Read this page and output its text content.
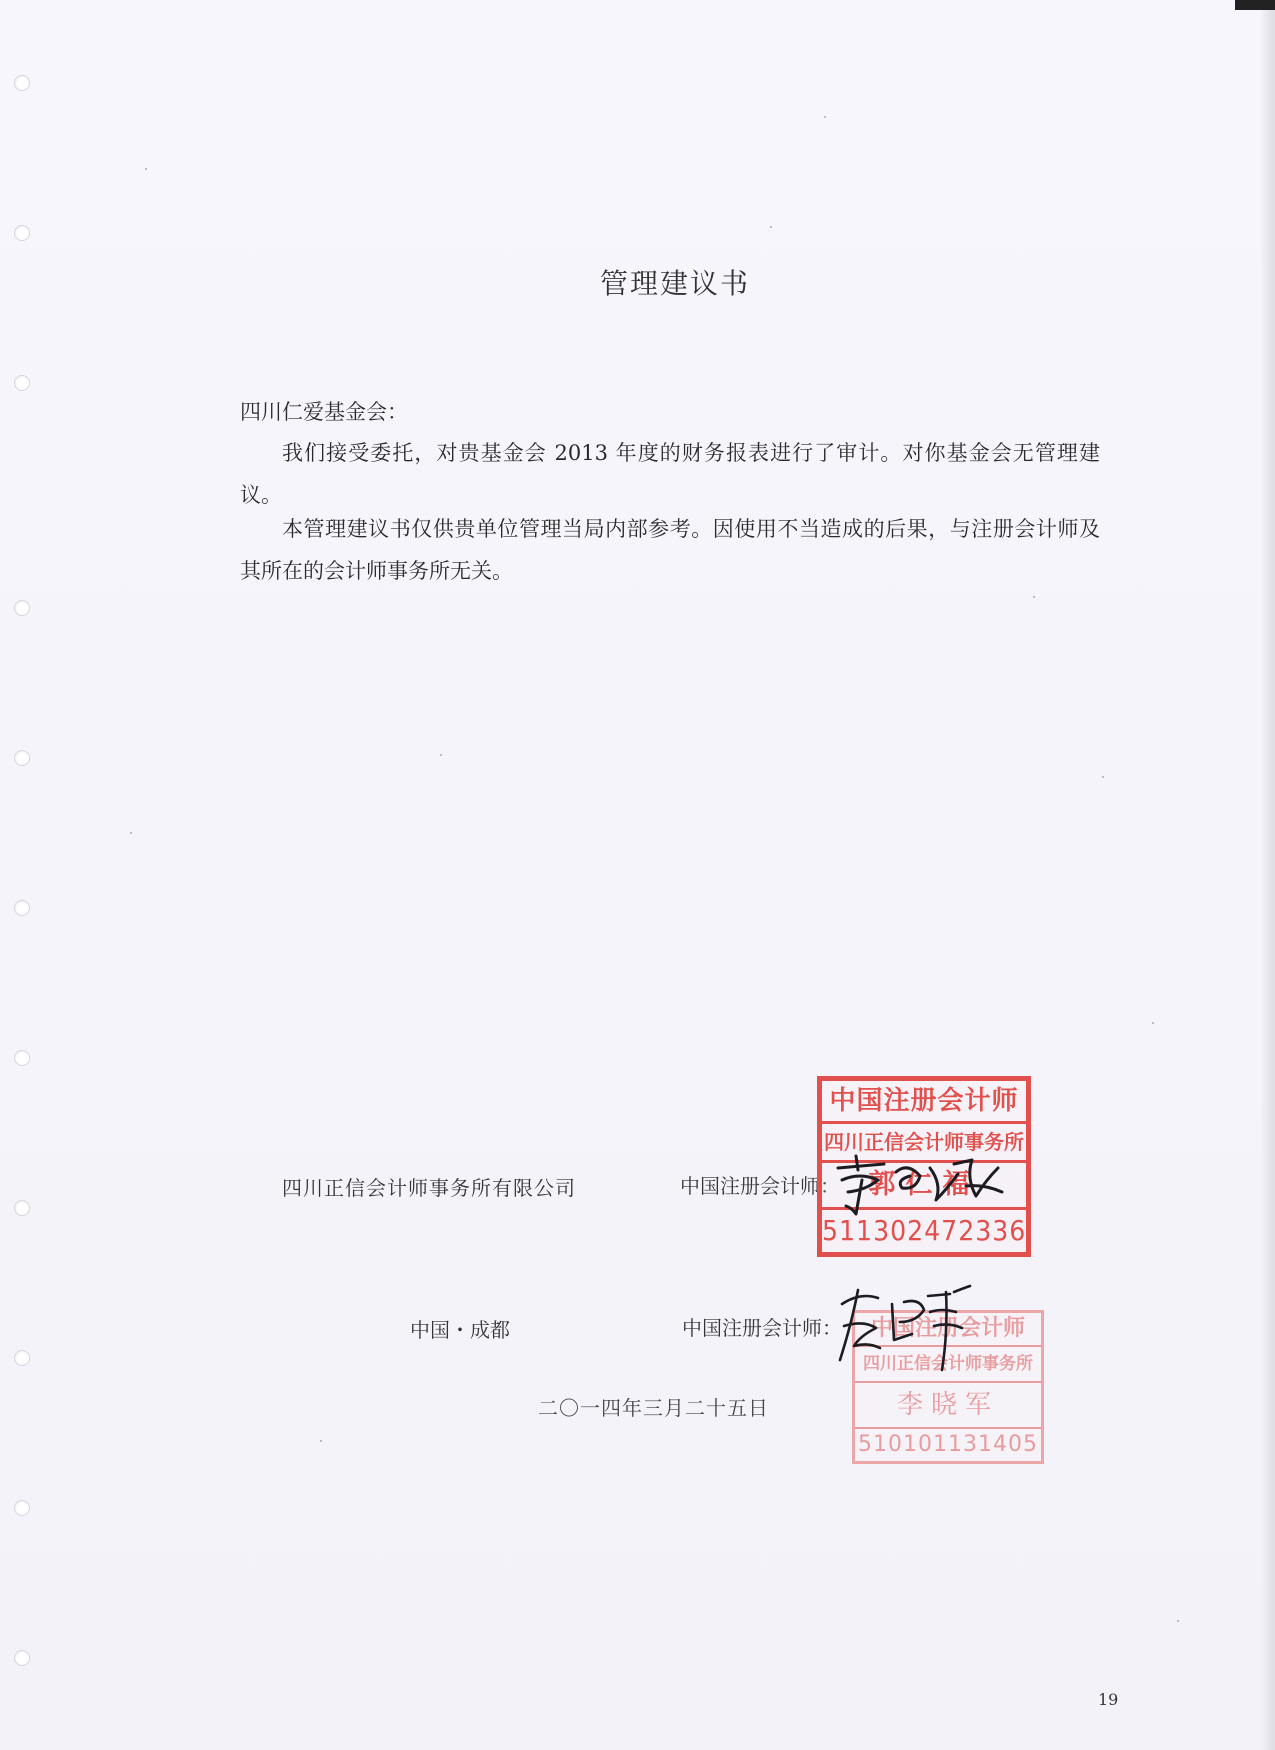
管理建议书
四川仁爱基金会：
我们接受委托，对贵基金会 2013 年度的财务报表进行了审计。对你基金会无管理建议。
本管理建议书仅供贵单位管理当局内部参考。因使用不当造成的后果，与注册会计师及其所在的会计师事务所无关。
四川正信会计师事务所有限公司	中国注册会计师：
中国・成都	中国注册会计师：
二〇一四年三月二十五日
中国注册会计师
四川正信会计师事务所
郭仁福
511302472336
中国注册会计师
四川正信会计师事务所
李晓军
510101131405
19
